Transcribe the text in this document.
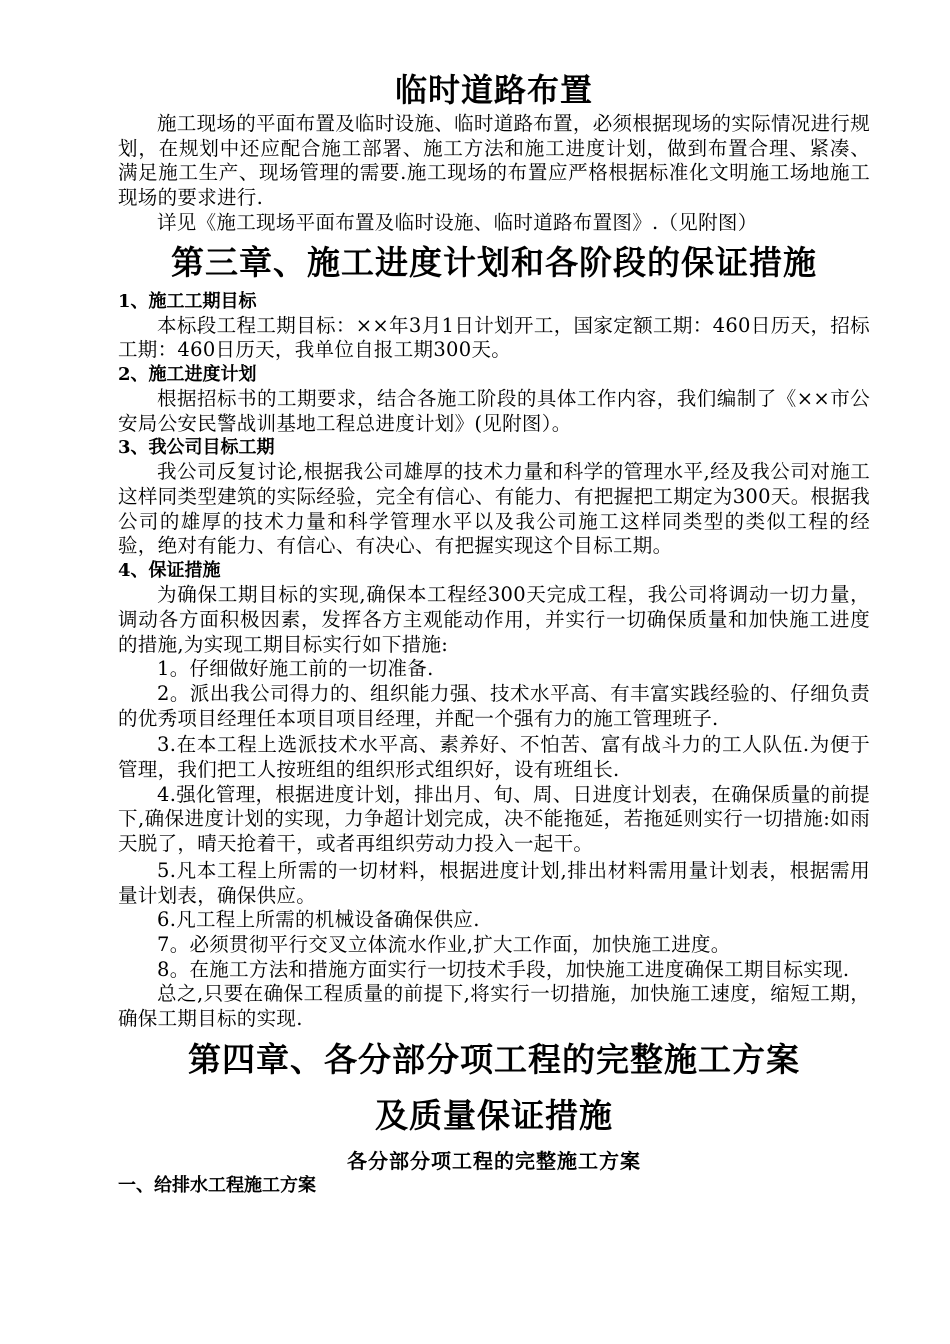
临时道路布置

施工现场的平面布置及临时设施、临时道路布置，必须根据现场的实际情况进行规划，在规划中还应配合施工部署、施工方法和施工进度计划，做到布置合理、紧凑、满足施工生产、现场管理的需要.施工现场的布置应严格根据标准化文明施工场地施工现场的要求进行.

详见《施工现场平面布置及临时设施、临时道路布置图》.（见附图）

第三章、施工进度计划和各阶段的保证措施
1、施工工期目标

本标段工程工期目标：××年3月1日计划开工，国家定额工期：460日历天，招标工期：460日历天，我单位自报工期300天。

2、施工进度计划

根据招标书的工期要求，结合各施工阶段的具体工作内容，我们编制了《××市公安局公安民警战训基地工程总进度计划》(见附图）。

3、我公司目标工期

我公司反复讨论,根据我公司雄厚的技术力量和科学的管理水平,经及我公司对施工这样同类型建筑的实际经验，完全有信心、有能力、有把握把工期定为300天。根据我公司的雄厚的技术力量和科学管理水平以及我公司施工这样同类型的类似工程的经验，绝对有能力、有信心、有决心、有把握实现这个目标工期。

4、保证措施

为确保工期目标的实现,确保本工程经300天完成工程，我公司将调动一切力量，调动各方面积极因素，发挥各方主观能动作用，并实行一切确保质量和加快施工进度的措施,为实现工期目标实行如下措施:

1。仔细做好施工前的一切准备.

2。派出我公司得力的、组织能力强、技术水平高、有丰富实践经验的、仔细负责的优秀项目经理任本项目项目经理，并配一个强有力的施工管理班子.

3.在本工程上选派技术水平高、素养好、不怕苦、富有战斗力的工人队伍.为便于管理，我们把工人按班组的组织形式组织好，设有班组长.

4.强化管理，根据进度计划，排出月、旬、周、日进度计划表，在确保质量的前提下,确保进度计划的实现，力争超计划完成，决不能拖延，若拖延则实行一切措施:如雨天脱了，晴天抢着干，或者再组织劳动力投入一起干。

5.凡本工程上所需的一切材料，根据进度计划,排出材料需用量计划表，根据需用量计划表，确保供应。

6.凡工程上所需的机械设备确保供应.

7。必须贯彻平行交叉立体流水作业,扩大工作面，加快施工进度。

8。在施工方法和措施方面实行一切技术手段，加快施工进度确保工期目标实现.

总之,只要在确保工程质量的前提下,将实行一切措施，加快施工速度，缩短工期，确保工期目标的实现.

第四章、各分部分项工程的完整施工方案
及质量保证措施
各分部分项工程的完整施工方案
一、给排水工程施工方案
